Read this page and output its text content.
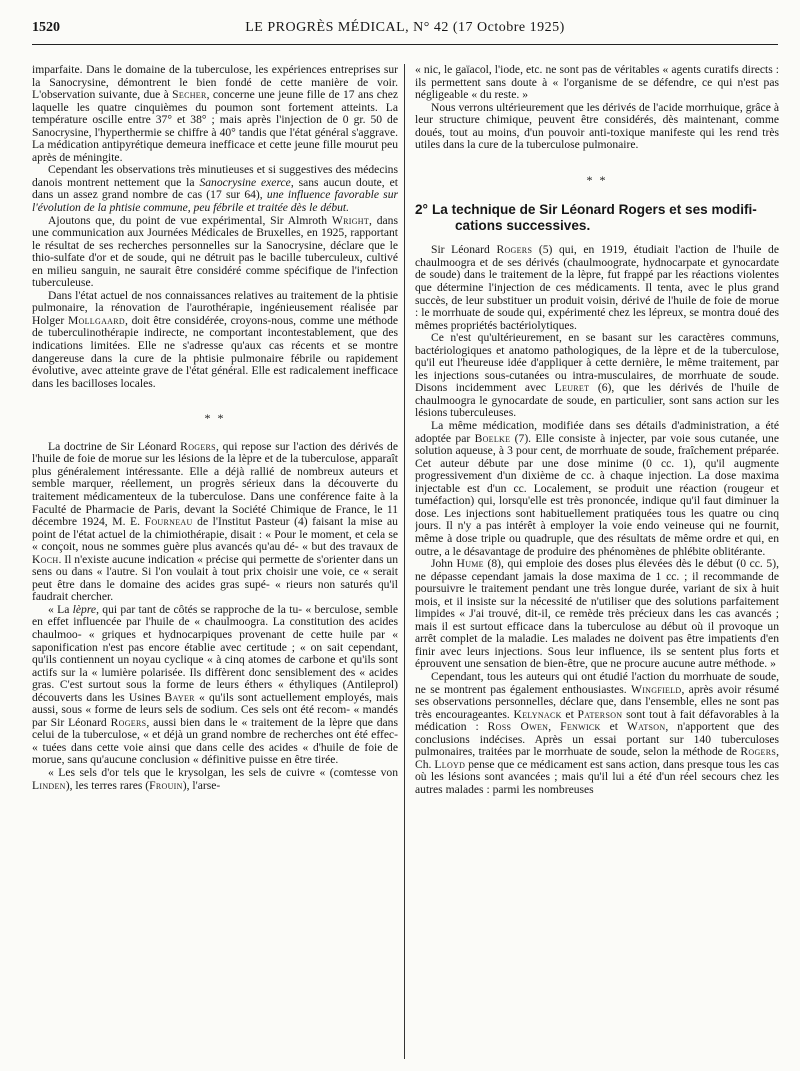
1520	LE PROGRÈS MÉDICAL, N° 42 (17 Octobre 1925)

imparfaite. Dans le domaine de la tuberculose, les expériences entreprises sur la Sanocrysine, démontrent le bien fondé de cette manière de voir. L'observation suivante, due à Secher, concerne une jeune fille de 17 ans chez laquelle les quatre cinquièmes du poumon sont fortement atteints. La température oscille entre 37° et 38° ; mais après l'injection de 0 gr. 50 de Sanocrysine, l'hyperthermie se chiffre à 40° tandis que l'état général s'aggrave. La médication antipyrétique demeura inefficace et cette jeune fille mourut peu après de méningite.

Cependant les observations très minutieuses et si suggestives des médecins danois montrent nettement que la Sanocrysine exerce, sans aucun doute, et dans un assez grand nombre de cas (17 sur 64), une influence favorable sur l'évolution de la phtisie commune, peu fébrile et traitée dès le début.

Ajoutons que, du point de vue expérimental, Sir Almroth Wright, dans une communication aux Journées Médicales de Bruxelles, en 1925, rapportant le résultat de ses recherches personnelles sur la Sanocrysine, déclare que le thio-sulfate d'or et de soude, qui ne détruit pas le bacille tuberculeux, cultivé en milieu sanguin, ne saurait être considéré comme spécifique de l'infection tuberculeuse.

Dans l'état actuel de nos connaissances relatives au traitement de la phtisie pulmonaire, la rénovation de l'aurothérapie, ingénieusement réalisée par Holger Mollgaard, doit être considérée, croyons-nous, comme une méthode de tuberculinothérapie indirecte, ne comportant incontestablement, que des indications limitées. Elle ne s'adresse qu'aux cas récents et se montre dangereuse dans la cure de la phtisie pulmonaire fébrile ou rapidement évolutive, avec atteinte grave de l'état général. Elle est radicalement inefficace dans les bacilloses locales.

* *

La doctrine de Sir Léonard Rogers, qui repose sur l'action des dérivés de l'huile de foie de morue sur les lésions de la lèpre et de la tuberculose, apparaît plus généralement intéressante. Elle a déjà rallié de nombreux auteurs et semble marquer, réellement, un progrès sérieux dans la découverte du traitement médicamenteux de la tuberculose. Dans une conférence faite à la Faculté de Pharmacie de Paris, devant la Société Chimique de France, le 11 décembre 1924, M. E. Fourneau de l'Institut Pasteur (4) faisant la mise au point de l'état actuel de la chimiothérapie, disait : « Pour le moment, et cela se « conçoit, nous ne sommes guère plus avancés qu'au dé- « but des travaux de Koch. Il n'existe aucune indication « précise qui permette de s'orienter dans un sens ou dans « l'autre. Si l'on voulait à tout prix choisir une voie, ce « serait peut être dans le domaine des acides gras supé- « rieurs non saturés qu'il faudrait chercher.

« La lèpre, qui par tant de côtés se rapproche de la tu- « berculose, semble en effet influencée par l'huile de « chaulmoogra. La constitution des acides chaulmoo- « griques et hydnocarpiques provenant de cette huile par « saponification n'est pas encore établie avec certitude ; « on sait cependant, qu'ils contiennent un noyau cyclique « à cinq atomes de carbone et qu'ils sont actifs sur la « lumière polarisée. Ils diffèrent donc sensiblement des « acides gras. C'est surtout sous la forme de leurs éthers « éthyliques (Antileprol) découverts dans les Usines Bayer « qu'ils sont actuellement employés, mais aussi, sous « forme de leurs sels de sodium. Ces sels ont été recom- « mandés par Sir Léonard Rogers, aussi bien dans le « traitement de la lèpre que dans celui de la tuberculose, « et déjà un grand nombre de recherches ont été effec- « tuées dans cette voie ainsi que dans celle des acides « d'huile de foie de morue, sans qu'aucune conclusion « définitive puisse en être tirée.

« Les sels d'or tels que le krysolgan, les sels de cuivre « (comtesse von Linden), les terres rares (Frouin), l'arse-

« nic, le gaïacol, l'iode, etc. ne sont pas de véritables « agents curatifs directs : ils permettent sans doute à « l'organisme de se défendre, ce qui n'est pas négligeable « du reste. »

Nous verrons ultérieurement que les dérivés de l'acide morrhuique, grâce à leur structure chimique, peuvent être considérés, dès maintenant, comme doués, tout au moins, d'un pouvoir anti-toxique manifeste qui les rend très utiles dans la cure de la tuberculose pulmonaire.

* *
2° La technique de Sir Léonard Rogers et ses modifi-
cations successives.

Sir Léonard Rogers (5) qui, en 1919, étudiait l'action de l'huile de chaulmoogra et de ses dérivés (chaulmoograte, hydnocarpate et gynocardate de soude) dans le traitement de la lèpre, fut frappé par les réactions violentes que détermine l'injection de ces médicaments. Il tenta, avec le plus grand succès, de leur substituer un produit voisin, dérivé de l'huile de foie de morue : le morrhuate de soude qui, expérimenté chez les lépreux, se montra doué des mêmes propriétés bactériolytiques.

Ce n'est qu'ultérieurement, en se basant sur les caractères communs, bactériologiques et anatomo pathologiques, de la lèpre et de la tuberculose, qu'il eut l'heureuse idée d'appliquer à cette dernière, le même traitement, par les injections sous-cutanées ou intra-musculaires, de morrhuate de soude. Disons incidemment avec Leuret (6), que les dérivés de l'huile de chaulmoogra le gynocardate de soude, en particulier, sont sans action sur les lésions tuberculeuses.

La même médication, modifiée dans ses détails d'administration, a été adoptée par Boelke (7). Elle consiste à injecter, par voie sous cutanée, une solution aqueuse, à 3 pour cent, de morrhuate de soude, fraîchement préparée. Cet auteur débute par une dose minime (0 cc. 1), qu'il augmente progressivement d'un dixième de cc. à chaque injection. La dose maxima injectable est d'un cc. Localement, se produit une réaction (rougeur et tuméfaction) qui, lorsqu'elle est très prononcée, indique qu'il faut diminuer la dose. Les injections sont habituellement pratiquées tous les quatre ou cinq jours. Il n'y a pas intérêt à employer la voie endo veineuse qui ne fournit, même à dose triple ou quadruple, que des résultats de même ordre et qui, en outre, a le désavantage de produire des phénomènes de phlébite oblitérante.

John Hume (8), qui emploie des doses plus élevées dès le début (0 cc. 5), ne dépasse cependant jamais la dose maxima de 1 cc. ; il recommande de poursuivre le traitement pendant une très longue durée, variant de six à huit mois, et il insiste sur la nécessité de n'utiliser que des solutions parfaitement limpides « J'ai trouvé, dit-il, ce remède très précieux dans les cas avancés ; mais il est surtout efficace dans la tuberculose au début où il provoque un arrêt complet de la maladie. Les malades ne doivent pas être impatients d'en finir avec leurs injections. Sous leur influence, ils se sentent plus forts et éprouvent une sensation de bien-être, que ne procure aucune autre méthode. »

Cependant, tous les auteurs qui ont étudié l'action du morrhuate de soude, ne se montrent pas également enthousiastes. Wingfield, après avoir résumé ses observations personnelles, déclare que, dans l'ensemble, elles ne sont pas très encourageantes. Kelynack et Paterson sont tout à fait défavorables à la médication : Ross Owen, Fenwick et Watson, n'apportent que des conclusions indécises. Après un essai portant sur 140 tuberculoses pulmonaires, traitées par le morrhuate de soude, selon la méthode de Rogers, Ch. Lloyd pense que ce médicament est sans action, dans presque tous les cas où les lésions sont avancées ; mais qu'il lui a été d'un réel secours chez les autres malades : parmi les nombreuses
